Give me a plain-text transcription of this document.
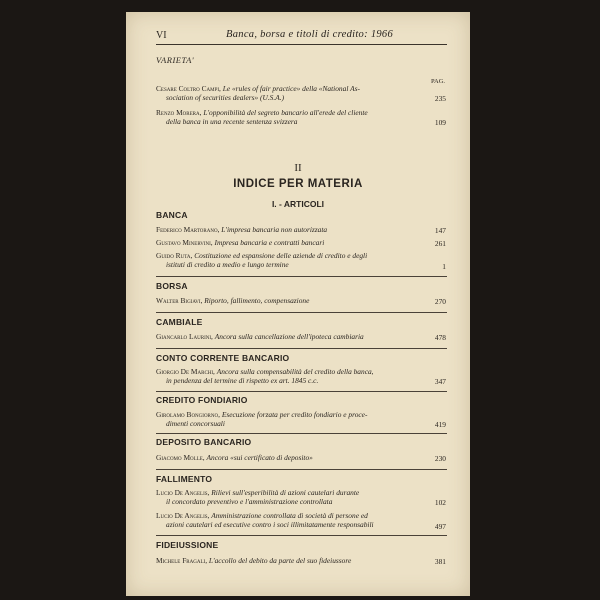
VI	Banca, borsa e titoli di credito: 1966
VARIETA'
PAG.
Cesare Coltro Campi, Le «rules of fair practice» della «National As-
sociation of securities dealers» (U.S.A.)	235
Renzo Morera, L'opponibilità del segreto bancario all'erede del cliente
della banca in una recente sentenza svizzera	109
II
INDICE PER MATERIA
I. - ARTICOLI
BANCA
Federico Martorano, L'impresa bancaria non autorizzata	147
Gustavo Minervini, Impresa bancaria e contratti bancari	261
Guido Ruta, Costituzione ed espansione delle aziende di credito e degli
istituti di credito a medio e lungo termine	1
BORSA
Walter Bigiavi, Riporto, fallimento, compensazione	270
CAMBIALE
Giancarlo Laurini, Ancora sulla cancellazione dell'ipoteca cambiaria	478
CONTO CORRENTE BANCARIO
Giorgio De Marchi, Ancora sulla compensabilità del credito della banca,
in pendenza del termine di rispetto ex art. 1845 c.c.	347
CREDITO FONDIARIO
Girolamo Bongiorno, Esecuzione forzata per credito fondiario e proce-
dimenti concorsuali	419
DEPOSITO BANCARIO
Giacomo Molle, Ancora «sui certificato di deposito»	230
FALLIMENTO
Lucio De Angelis, Rilievi sull'esperibilità di azioni cautelari durante
il concordato preventivo e l'amministrazione controllata	102
Lucio De Angelis, Amministrazione controllata di società di persone ed
azioni cautelari ed esecutive contro i soci illimitatamente responsabili	497
FIDEIUSSIONE
Michele Fragali, L'accollo del debito da parte del suo fideiussore	381
